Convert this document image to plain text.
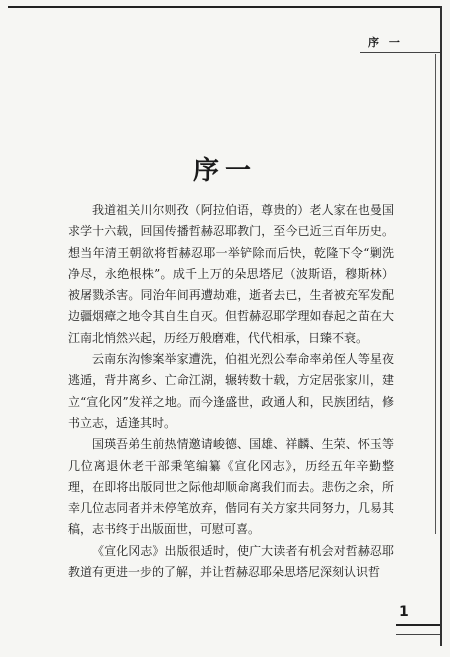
序 一
序一

我道祖关川尔则孜（阿拉伯语，尊贵的）老人家在也曼国求学十六载，回国传播哲赫忍耶教门，至今已近三百年历史。想当年清王朝欲将哲赫忍耶一举铲除而后快，乾隆下令“剿洗净尽，永绝根株”。成千上万的朵思塔尼（波斯语，穆斯林）被屠戮杀害。同治年间再遭劫难，逝者去已，生者被充军发配边疆烟瘴之地令其自生自灭。但哲赫忍耶学理如春起之苗在大江南北悄然兴起，历经万般磨难，代代相承，日臻不衰。

云南东沟惨案举家遭洗，伯祖光烈公奉命率弟侄人等星夜逃遁，背井离乡、亡命江湖，辗转数十载，方定居张家川，建立“宣化冈”发祥之地。而今逢盛世，政通人和，民族团结，修书立志，适逢其时。

国瑛吾弟生前热情邀请峻德、国雄、祥麟、生荣、怀玉等几位离退休老干部秉笔编纂《宣化冈志》，历经五年辛勤整理，在即将出版同世之际他却顺命离我们而去。悲伤之余，所幸几位志同者并未停笔放弃，偕同有关方家共同努力，几易其稿，志书终于出版面世，可慰可喜。

《宣化冈志》出版很适时，使广大读者有机会对哲赫忍耶教道有更进一步的了解，并让哲赫忍耶朵思塔尼深刻认识哲

1
